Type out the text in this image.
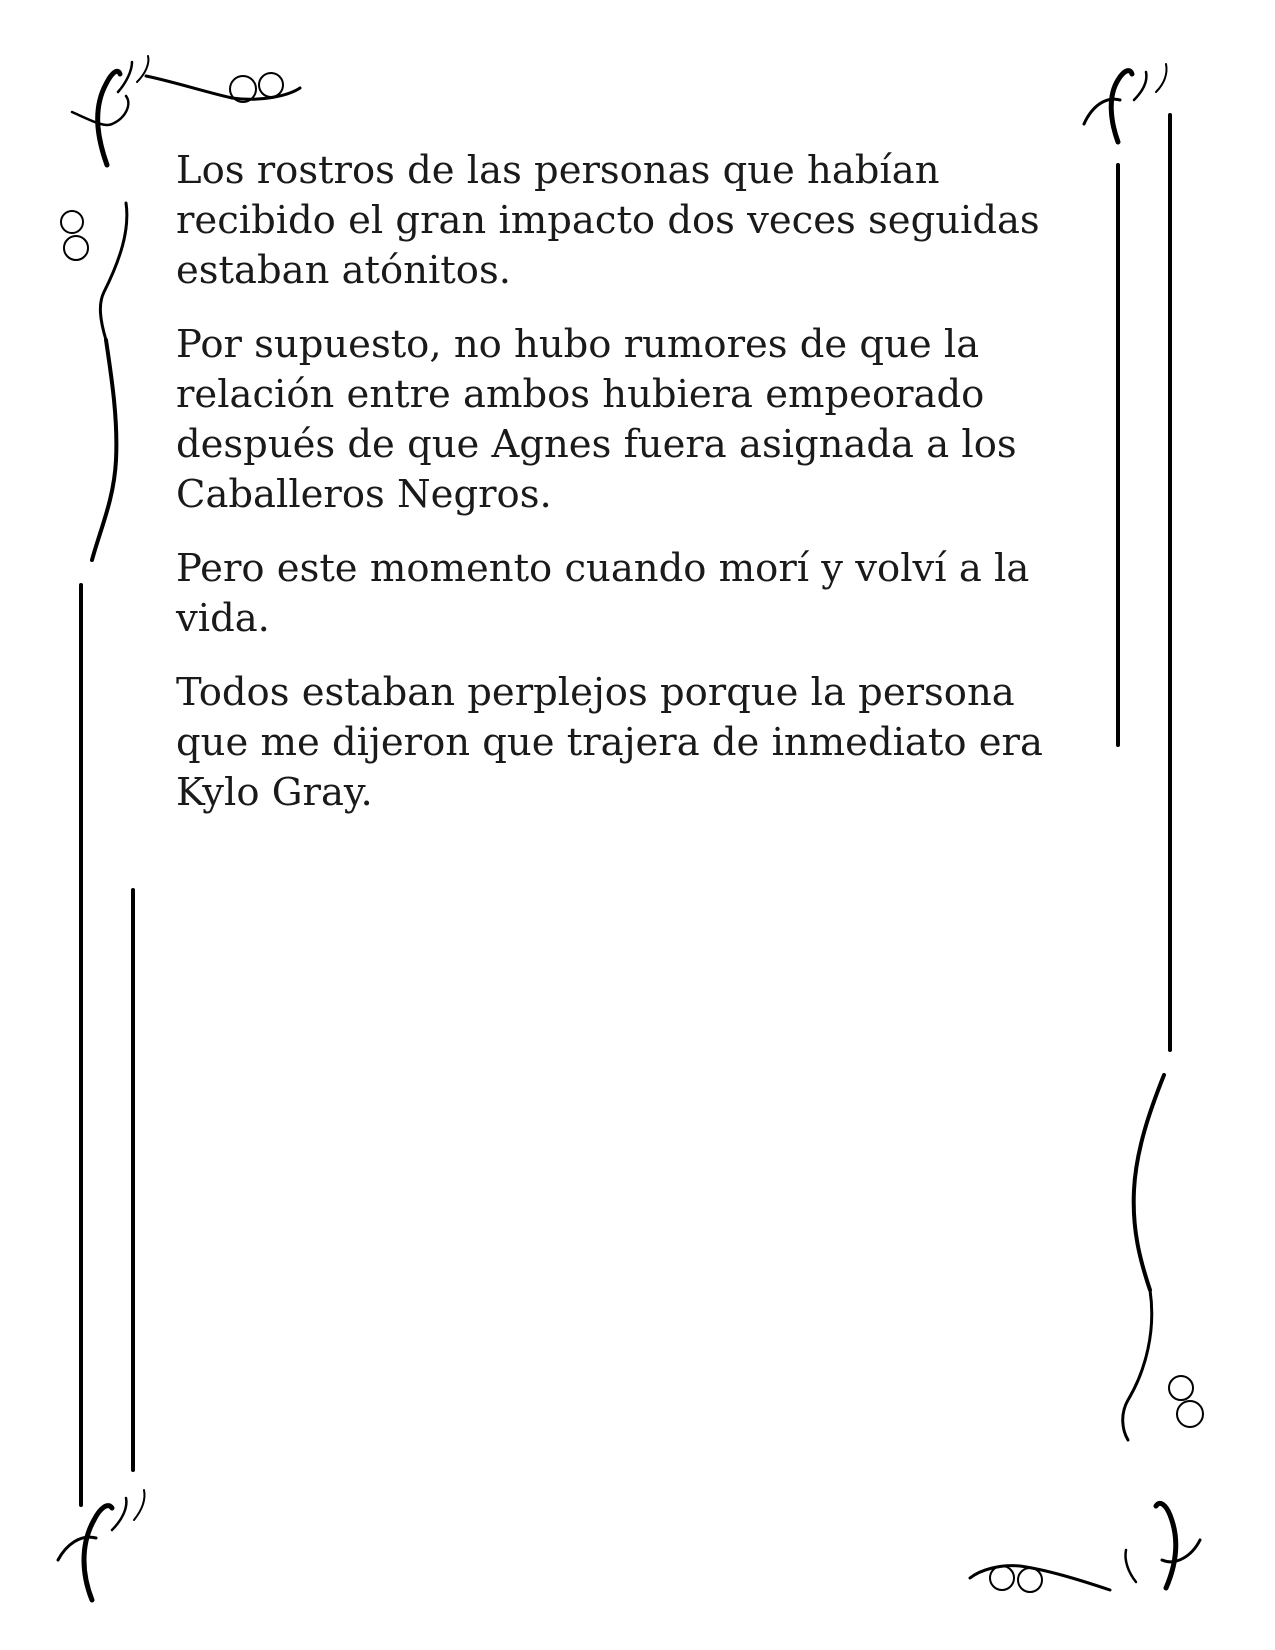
Los rostros de las personas que habían recibido el gran impacto dos veces seguidas estaban atónitos.

Por supuesto, no hubo rumores de que la relación entre ambos hubiera empeorado después de que Agnes fuera asignada a los Caballeros Negros.

Pero este momento cuando morí y volví a la vida.

Todos estaban perplejos porque la persona que me dijeron que trajera de inmediato era Kylo Gray.
